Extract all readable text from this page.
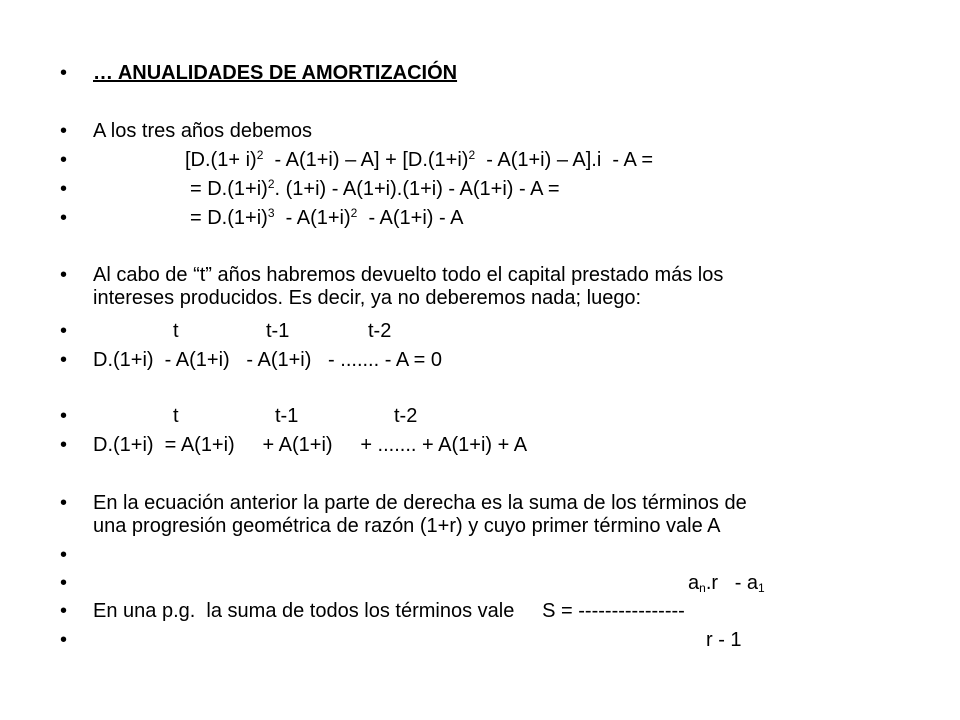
• … ANUALIDADES DE AMORTIZACIÓN
• A los tres años debemos
•	$[D.(1+ i)^2 - A(1+i) - A] + [D.(1+i)^2 - A(1+i) - A].i - A$ =
•	= $D.(1+i)^2$. (1+i) - A(1+i).(1+i) - A(1+i) - A =
•	= $D.(1+i)^3 - A(1+i)^2 - A(1+i) - A$
• Al cabo de “t” años habremos devuelto todo el capital prestado más los
intereses producidos. Es decir, ya no deberemos nada; luego:
•	t	t-1	t-2
• D.(1+i)  - A(1+i)   - A(1+i)   - ....... - A = 0
•	t	t-1	t-2
• D.(1+i)  = A(1+i)     + A(1+i)     + ....... + A(1+i) + A
• En la ecuación anterior la parte de derecha es la suma de los términos de
una progresión geométrica de razón (1+r) y cuyo primer término vale A
•
•	$a_n.r - a_1$
• En una p.g.  la suma de todos los términos vale     S = ----------------
•	r - 1
